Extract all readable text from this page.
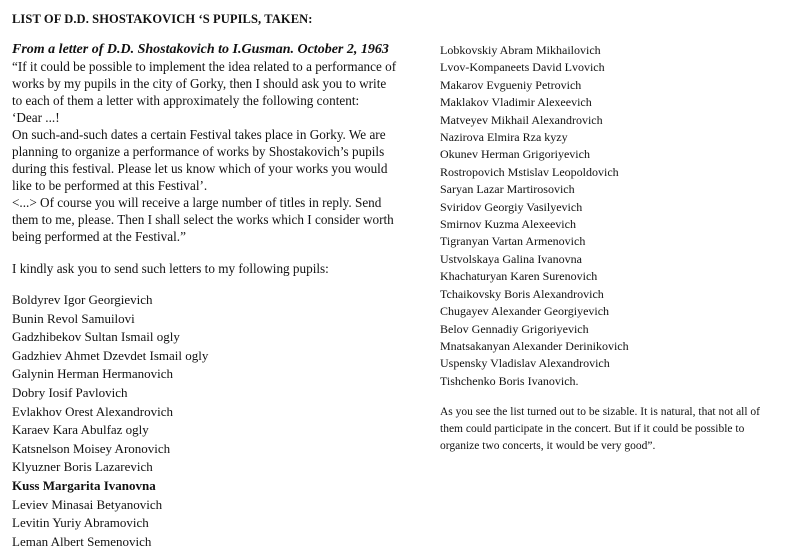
LIST OF D.D. SHOSTAKOVICH ‘S PUPILS, TAKEN:
From a letter of D.D. Shostakovich to I.Gusman. October 2, 1963
“If it could be possible to implement the idea related to a performance of
works by my pupils in the city of Gorky, then I should ask you to write
to each of them a letter with approximately the following content:
‘Dear ...!
On such-and-such dates a certain Festival takes place in Gorky. We are
planning to organize a performance of works by Shostakovich’s pupils
during this festival. Please let us know which of your works you would
like to be performed at this Festival’.
<...> Of course you will receive a large number of titles in reply. Send
them to me, please. Then I shall select the works which I consider worth
being performed at the Festival.”
I kindly ask you to send such letters to my following pupils:
Boldyrev Igor Georgievich
Bunin Revol Samuilovi
Gadzhibekov Sultan Ismail ogly
Gadzhiev Ahmet Dzevdet Ismail ogly
Galynin Herman Hermanovich
Dobry Iosif Pavlovich
Evlakhov Orest Alexandrovich
Karaev Kara Abulfaz ogly
Katsnelson Moisey Aronovich
Klyuzner Boris Lazarevich
Kuss Margarita Ivanovna
Leviev Minasai Betyanovich
Levitin Yuriy Abramovich
Leman Albert Semenovich
Lobkovskiy Abram Mikhailovich
Lvov-Kompaneets David Lvovich
Makarov Evgueniy Petrovich
Maklakov Vladimir Alexeevich
Matveyev Mikhail Alexandrovich
Nazirova Elmira Rza kyzy
Okunev Herman Grigoriyevich
Rostropovich Mstislav Leopoldovich
Saryan Lazar Martirosovich
Sviridov Georgiy Vasilyevich
Smirnov Kuzma Alexeevich
Tigranyan Vartan Armenovich
Ustvolskaya Galina Ivanovna
Khachaturyan Karen Surenovich
Tchaikovsky Boris Alexandrovich
Chugayev Alexander Georgiyevich
Belov Gennadiy Grigoriyevich
Mnatsakanyan Alexander Derinikovich
Uspensky Vladislav Alexandrovich
Tishchenko Boris Ivanovich.
As you see the list turned out to be sizable. It is natural, that not all of
them could participate in the concert. But if it could be possible to
organize two concerts, it would be very good”.
